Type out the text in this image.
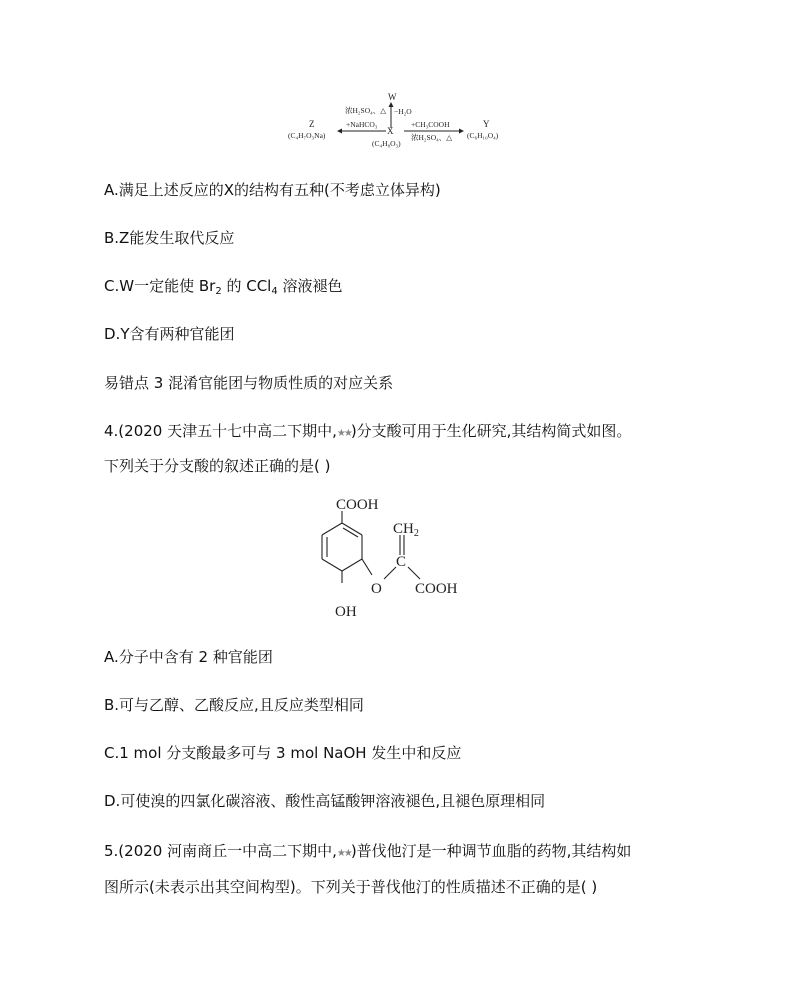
W
浓H₂SO₄、△ −H₂O
Z
(C₄H₇O₃Na)
+NaHCO₃
X
(C₄H₈O₃)
+CH₃COOH
浓H₂SO₄、△
Y
(C₆H₁₀O₄)
A.满足上述反应的X的结构有五种(不考虑立体异构)
B.Z能发生取代反应
C.W一定能使 $Br_2$ 的 CCl$_4$ 溶液褪色
D.Y含有两种官能团
易错点 3 混淆官能团与物质性质的对应关系
4.(2020 天津五十七中高二下期中,★★)分支酸可用于生化研究,其结构简式如图。
下列关于分支酸的叙述正确的是( )
COOH
$CH_2$
C
O COOH
OH
A.分子中含有 2 种官能团
B.可与乙醇、乙酸反应,且反应类型相同
C.1 mol 分支酸最多可与 3 mol NaOH 发生中和反应
D.可使溴的四氯化碳溶液、酸性高锰酸钾溶液褪色,且褪色原理相同
5.(2020 河南商丘一中高二下期中,★★)普伐他汀是一种调节血脂的药物,其结构如
图所示(未表示出其空间构型)。下列关于普伐他汀的性质描述不正确的是( )
